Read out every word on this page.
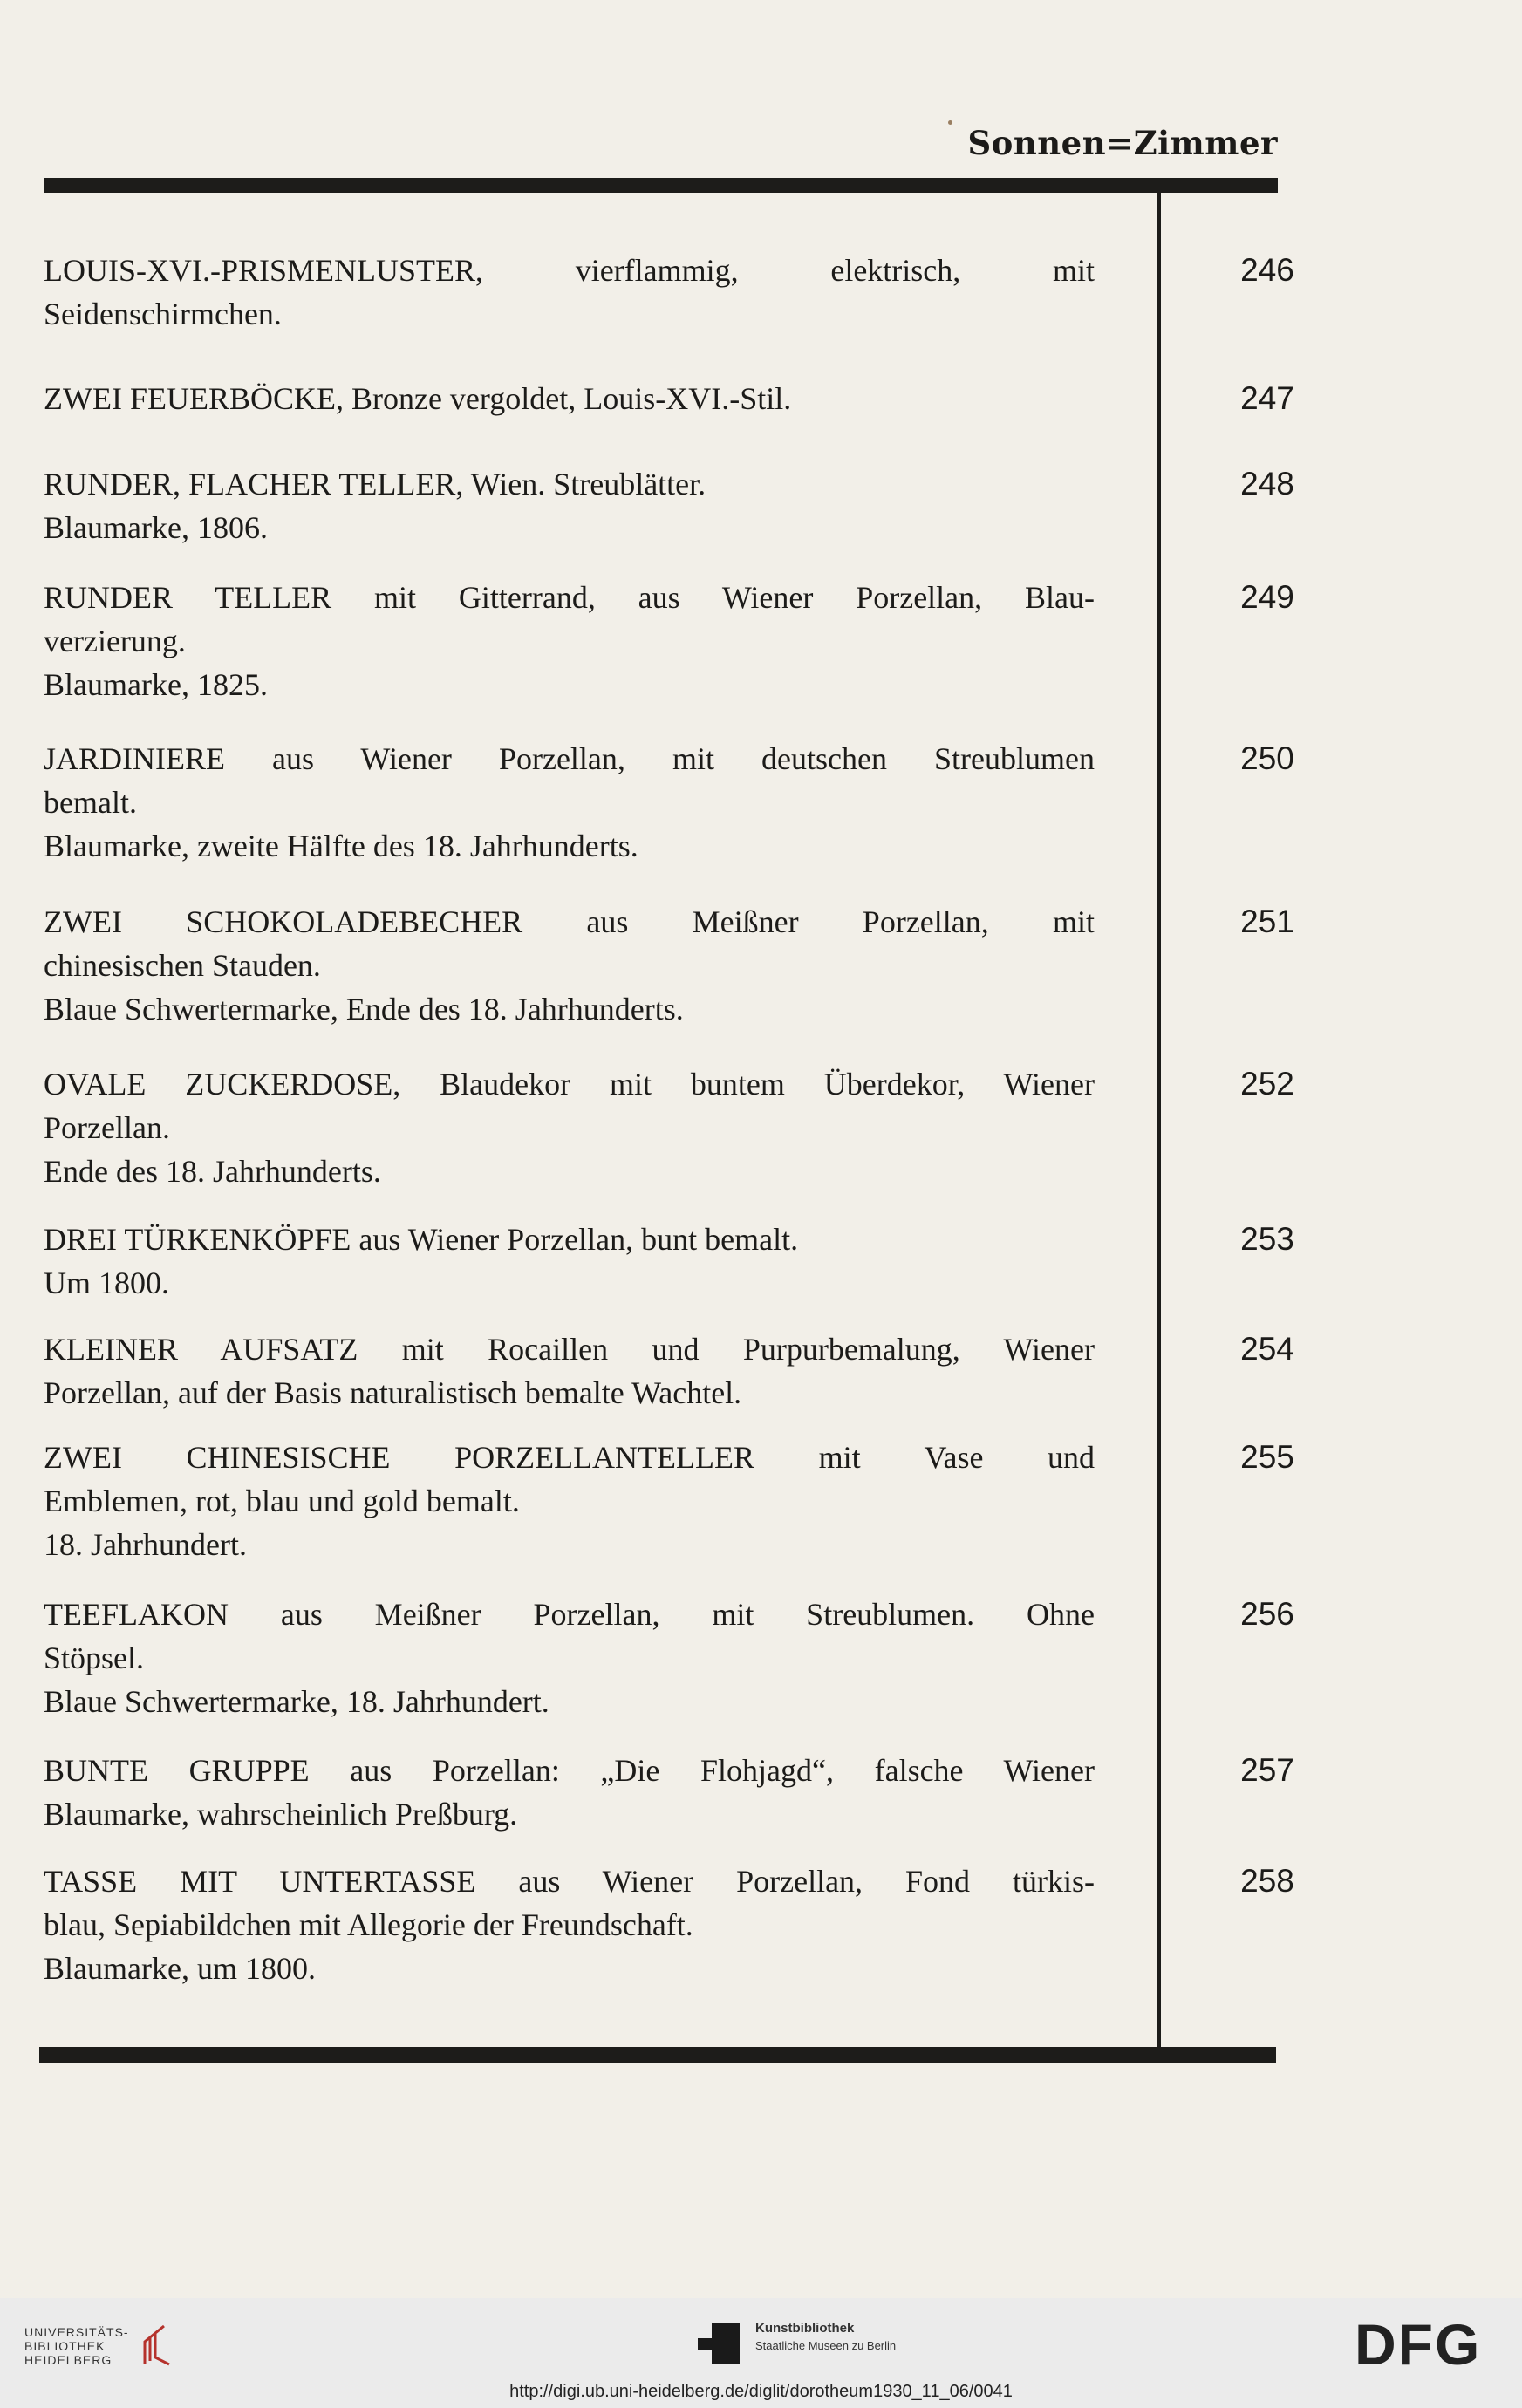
Sonnen=Zimmer
LOUIS-XVI.-PRISMENLUSTER, vierflammig, elektrisch, mit
Seidenschirmchen.
246
ZWEI FEUERBÖCKE, Bronze vergoldet, Louis-XVI.-Stil.	247
RUNDER, FLACHER TELLER, Wien. Streublätter.
Blaumarke, 1806.
248
RUNDER TELLER mit Gitterrand, aus Wiener Porzellan, Blau-
verzierung.
Blaumarke, 1825.
249
JARDINIERE aus Wiener Porzellan, mit deutschen Streublumen
bemalt.
Blaumarke, zweite Hälfte des 18. Jahrhunderts.
250
ZWEI SCHOKOLADEBECHER aus Meißner Porzellan, mit
chinesischen Stauden.
Blaue Schwertermarke, Ende des 18. Jahrhunderts.
251
OVALE ZUCKERDOSE, Blaudekor mit buntem Überdekor, Wiener
Porzellan.
Ende des 18. Jahrhunderts.
252
DREI TÜRKENKÖPFE aus Wiener Porzellan, bunt bemalt.
Um 1800.
253
KLEINER AUFSATZ mit Rocaillen und Purpurbemalung, Wiener
Porzellan, auf der Basis naturalistisch bemalte Wachtel.
254
ZWEI CHINESISCHE PORZELLANTELLER mit Vase und
Emblemen, rot, blau und gold bemalt.
18. Jahrhundert.
255
TEEFLAKON aus Meißner Porzellan, mit Streublumen. Ohne
Stöpsel.
Blaue Schwertermarke, 18. Jahrhundert.
256
BUNTE GRUPPE aus Porzellan: „Die Flohjagd“, falsche Wiener
Blaumarke, wahrscheinlich Preßburg.
257
TASSE MIT UNTERTASSE aus Wiener Porzellan, Fond türkis-
blau, Sepiabildchen mit Allegorie der Freundschaft.
Blaumarke, um 1800.
258
UNIVERSITÄTS-
BIBLIOTHEK
HEIDELBERG
Kunstbibliothek
Staatliche Museen zu Berlin	DFG
http://digi.ub.uni-heidelberg.de/diglit/dorotheum1930_11_06/0041
